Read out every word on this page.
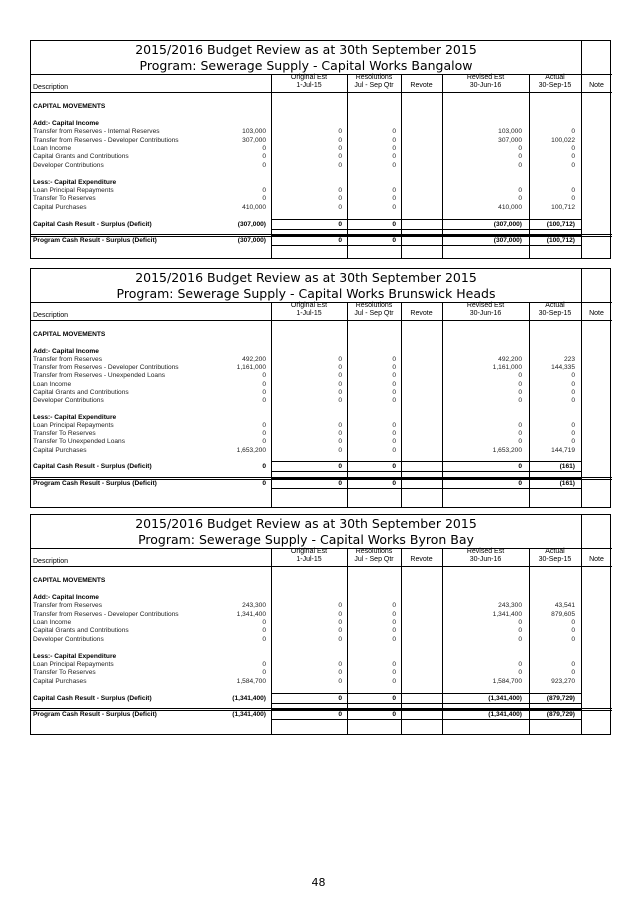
2015/2016 Budget Review as at 30th September 2015
Program: Sewerage Supply - Capital Works Bangalow
Original Est
1-Jul-15
Resolutions
Jul - Sep Qtr	Revote
Revised Est
30-Jun-16
Actual
30-Sep-15	Note
Description
CAPITAL MOVEMENTS
Add:- Capital Income
Transfer from Reserves - Internal Reserves	103,000	0	0	103,000	0
Transfer from Reserves - Developer Contributions	307,000	0	0	307,000	100,022
Loan Income	0	0	0	0	0
Capital Grants and Contributions	0	0	0	0	0
Developer Contributions	0	0	0	0	0
Less:- Capital Expenditure
Loan Principal Repayments	0	0	0	0	0
Transfer To Reserves	0	0	0	0	0
Capital Purchases	410,000	0	0	410,000	100,712
Capital Cash Result - Surplus (Deficit)	(307,000)	0	0	(307,000)	(100,712)
Program Cash Result - Surplus (Deficit)	(307,000)	0	0	(307,000)	(100,712)
2015/2016 Budget Review as at 30th September 2015
Program: Sewerage Supply - Capital Works Brunswick Heads
Original Est
1-Jul-15
Resolutions
Jul - Sep Qtr	Revote
Revised Est
30-Jun-16
Actual
30-Sep-15	Note
Description
CAPITAL MOVEMENTS
Add:- Capital Income
Transfer from Reserves	492,200	0	0	492,200	223
Transfer from Reserves - Developer Contributions	1,161,000	0	0	1,161,000	144,335
Transfer from Reserves - Unexpended Loans	0	0	0	0	0
Loan Income	0	0	0	0	0
Capital Grants and Contributions	0	0	0	0	0
Developer Contributions	0	0	0	0	0
Less:- Capital Expenditure
Loan Principal Repayments	0	0	0	0	0
Transfer To Reserves	0	0	0	0	0
Transfer To Unexpended Loans	0	0	0	0	0
Capital Purchases	1,653,200	0	0	1,653,200	144,719
Capital Cash Result - Surplus (Deficit)	0	0	0	0	(161)
Program Cash Result - Surplus (Deficit)	0	0	0	0	(161)
2015/2016 Budget Review as at 30th September 2015
Program: Sewerage Supply - Capital Works Byron Bay
Original Est
1-Jul-15
Resolutions
Jul - Sep Qtr	Revote
Revised Est
30-Jun-16
Actual
30-Sep-15	Note
Description
CAPITAL MOVEMENTS
Add:- Capital Income
Transfer from Reserves	243,300	0	0	243,300	43,541
Transfer from Reserves - Developer Contributions	1,341,400	0	0	1,341,400	879,605
Loan Income	0	0	0	0	0
Capital Grants and Contributions	0	0	0	0	0
Developer Contributions	0	0	0	0	0
Less:- Capital Expenditure
Loan Principal Repayments	0	0	0	0	0
Transfer To Reserves	0	0	0	0	0
Capital Purchases	1,584,700	0	0	1,584,700	923,270
Capital Cash Result - Surplus (Deficit)	(1,341,400)	0	0	(1,341,400)	(879,729)
Program Cash Result - Surplus (Deficit)	(1,341,400)	0	0	(1,341,400)	(879,729)
48
